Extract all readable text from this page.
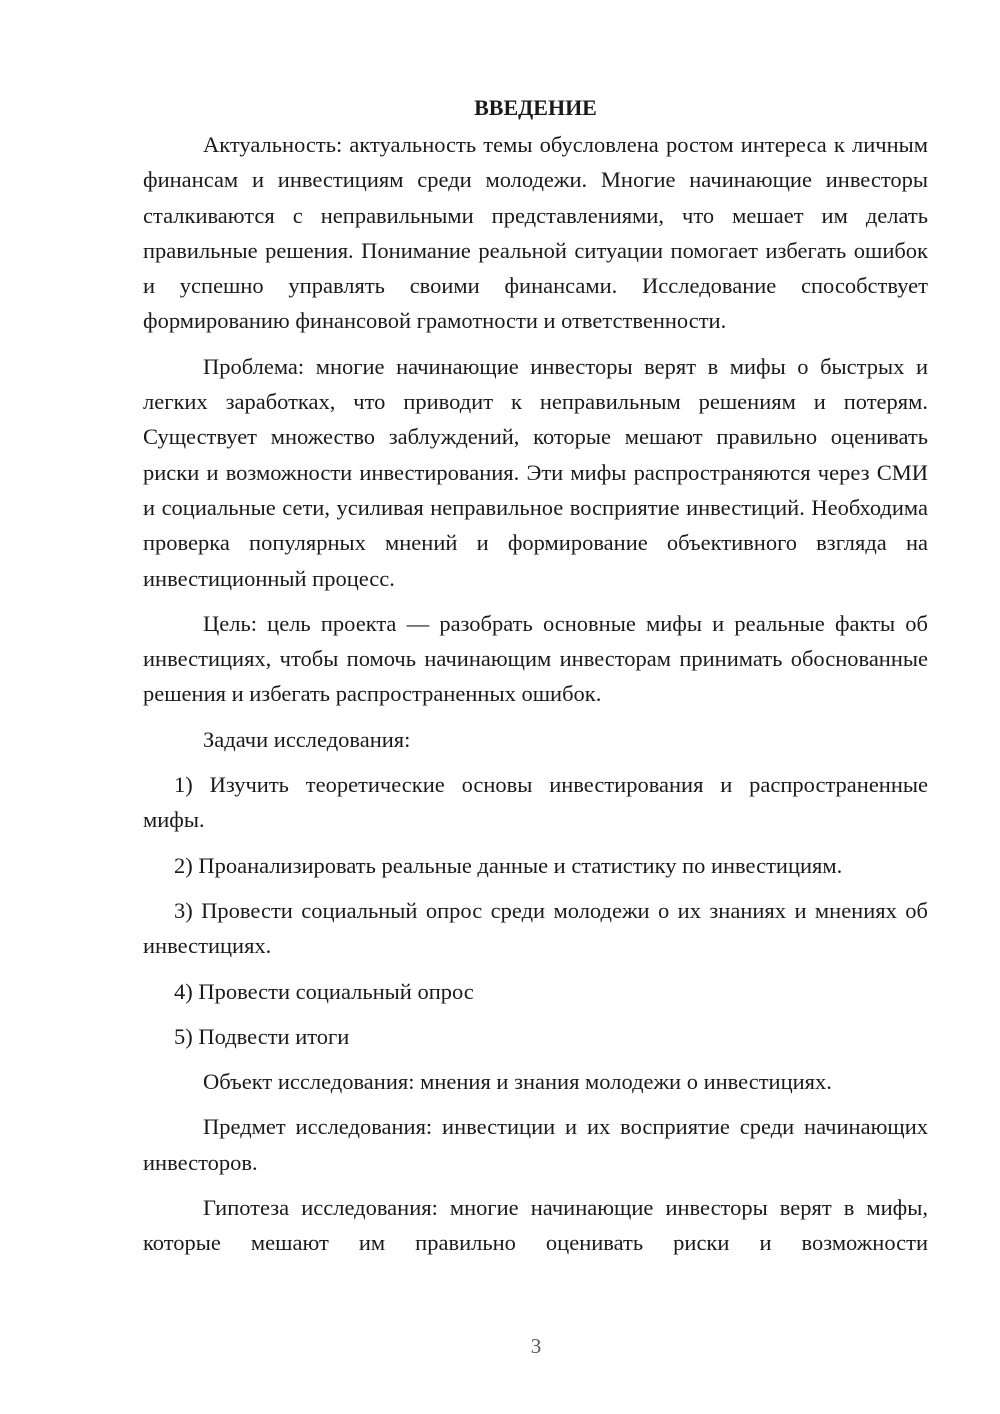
ВВЕДЕНИЕ

Актуальность: актуальность темы обусловлена ростом интереса к личным финансам и инвестициям среди молодежи. Многие начинающие инвесторы сталкиваются с неправильными представлениями, что мешает им делать правильные решения. Понимание реальной ситуации помогает избегать ошибок и успешно управлять своими финансами. Исследование способствует формированию финансовой грамотности и ответственности.

Проблема: многие начинающие инвесторы верят в мифы о быстрых и легких заработках, что приводит к неправильным решениям и потерям. Существует множество заблуждений, которые мешают правильно оценивать риски и возможности инвестирования. Эти мифы распространяются через СМИ и социальные сети, усиливая неправильное восприятие инвестиций. Необходима проверка популярных мнений и формирование объективного взгляда на инвестиционный процесс.

Цель: цель проекта — разобрать основные мифы и реальные факты об инвестициях, чтобы помочь начинающим инвесторам принимать обоснованные решения и избегать распространенных ошибок.

Задачи исследования:

1) Изучить теоретические основы инвестирования и распространенные мифы.

2) Проанализировать реальные данные и статистику по инвестициям.

3) Провести социальный опрос среди молодежи о их знаниях и мнениях об инвестициях.

4) Провести социальный опрос

5) Подвести итоги

Объект исследования: мнения и знания молодежи о инвестициях.

Предмет исследования: инвестиции и их восприятие среди начинающих инвесторов.

Гипотеза исследования: многие начинающие инвесторы верят в мифы, которые мешают им правильно оценивать риски и возможности

3
